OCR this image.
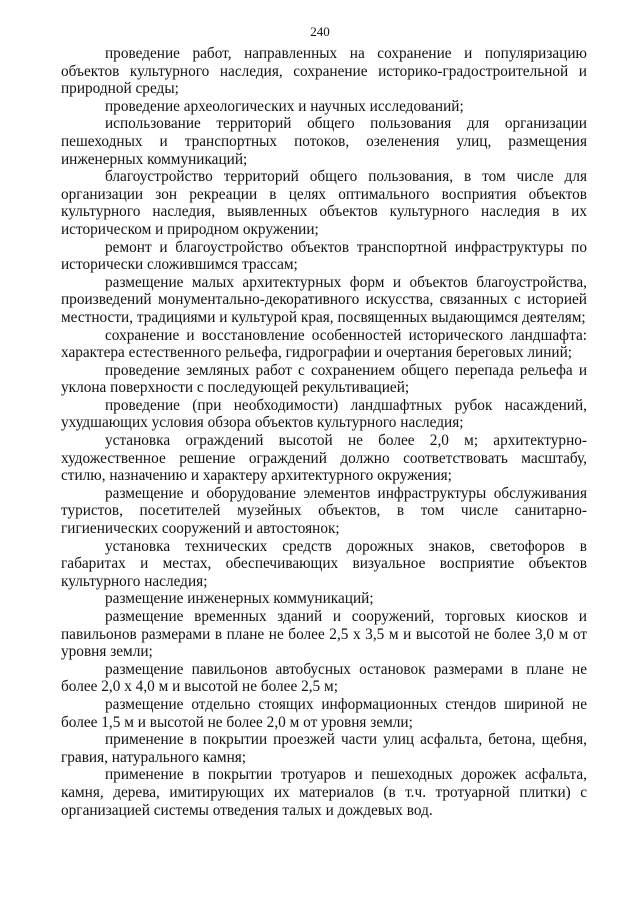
240

проведение работ, направленных на сохранение и популяризацию объектов культурного наследия, сохранение историко-градостроительной и природной среды;

проведение археологических и научных исследований;

использование территорий общего пользования для организации пешеходных и транспортных потоков, озеленения улиц, размещения инженерных коммуникаций;

благоустройство территорий общего пользования, в том числе для организации зон рекреации в целях оптимального восприятия объектов культурного наследия, выявленных объектов культурного наследия в их историческом и природном окружении;

ремонт и благоустройство объектов транспортной инфраструктуры по исторически сложившимся трассам;

размещение малых архитектурных форм и объектов благоустройства, произведений монументально-декоративного искусства, связанных с историей местности, традициями и культурой края, посвященных выдающимся деятелям;

сохранение и восстановление особенностей исторического ландшафта: характера естественного рельефа, гидрографии и очертания береговых линий;

проведение земляных работ с сохранением общего перепада рельефа и уклона поверхности с последующей рекультивацией;

проведение (при необходимости) ландшафтных рубок насаждений, ухудшающих условия обзора объектов культурного наследия;

установка ограждений высотой не более 2,0 м; архитектурно-художественное решение ограждений должно соответствовать масштабу, стилю, назначению и характеру архитектурного окружения;

размещение и оборудование элементов инфраструктуры обслуживания туристов, посетителей музейных объектов, в том числе санитарно-гигиенических сооружений и автостоянок;

установка технических средств дорожных знаков, светофоров в габаритах и местах, обеспечивающих визуальное восприятие объектов культурного наследия;

размещение инженерных коммуникаций;

размещение временных зданий и сооружений, торговых киосков и павильонов размерами в плане не более 2,5 х 3,5 м и высотой не более 3,0 м от уровня земли;

размещение павильонов автобусных остановок размерами в плане не более 2,0 х 4,0 м и высотой не более 2,5 м;

размещение отдельно стоящих информационных стендов шириной не более 1,5 м и высотой не более 2,0 м от уровня земли;

применение в покрытии проезжей части улиц асфальта, бетона, щебня, гравия, натурального камня;

применение в покрытии тротуаров и пешеходных дорожек асфальта, камня, дерева, имитирующих их материалов (в т.ч. тротуарной плитки) с организацией системы отведения талых и дождевых вод.
